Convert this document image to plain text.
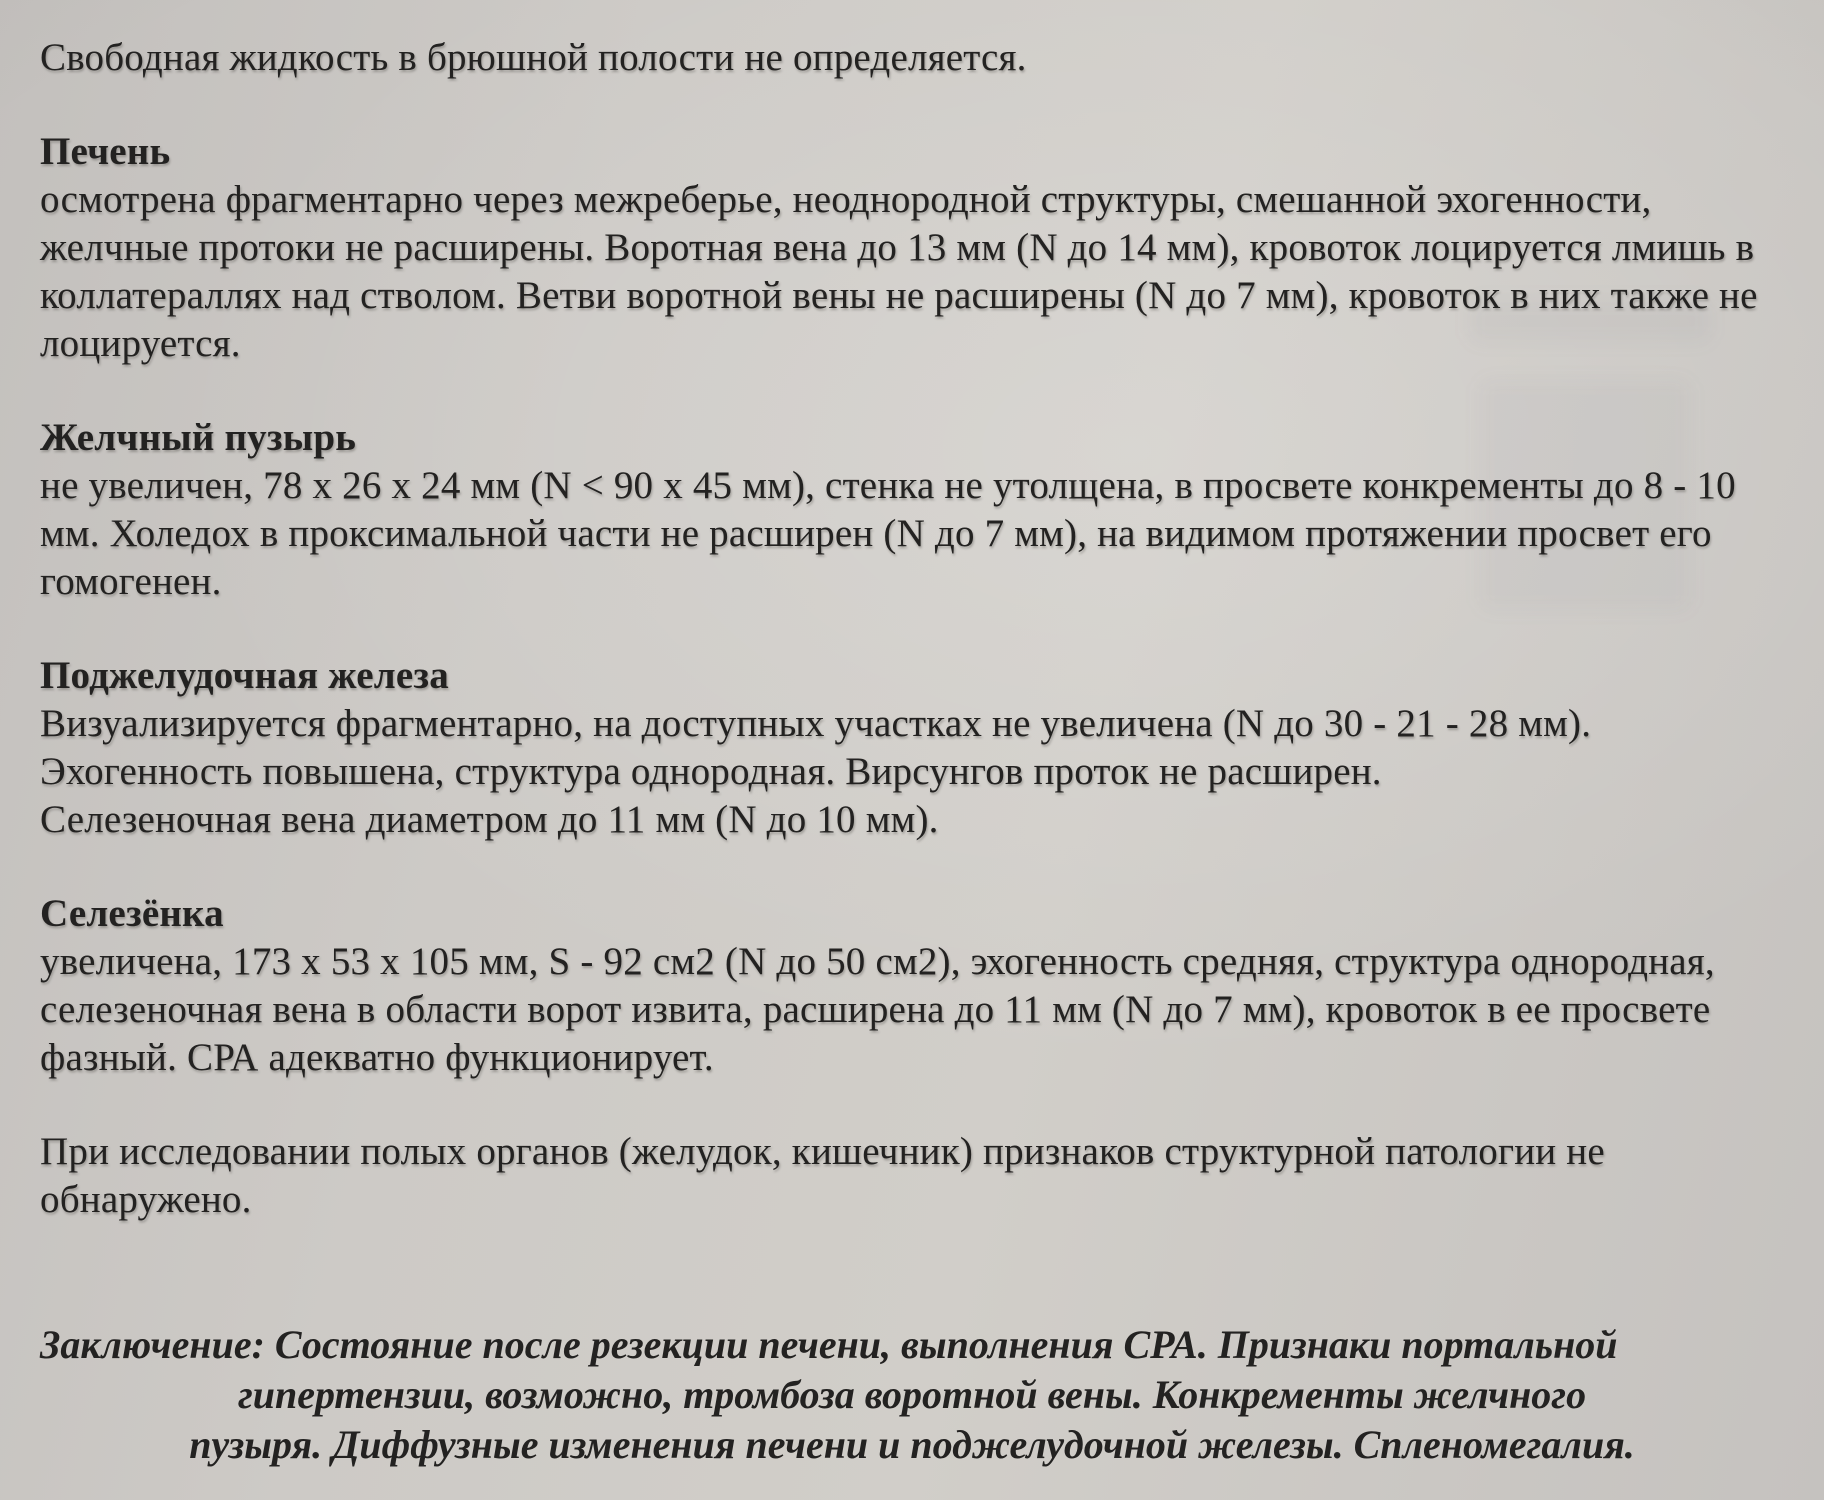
Свободная жидкость в брюшной полости не определяется.
Печень
осмотрена фрагментарно через межреберье, неоднородной структуры, смешанной эхогенности, желчные протоки не расширены. Воротная вена до 13 мм (N до 14 мм), кровоток лоцируется лмишь в коллатераллях над стволом. Ветви воротной вены не расширены (N до 7 мм), кровоток в них также не лоцируется.
Желчный пузырь
не увеличен, 78 х 26 х 24 мм (N < 90 х 45 мм), стенка не утолщена, в просвете конкременты до 8 - 10 мм. Холедох в проксимальной части не расширен (N до 7 мм), на видимом протяжении просвет его гомогенен.
Поджелудочная железа
Визуализируется фрагментарно, на доступных участках не увеличена (N до 30 - 21 - 28 мм).
Эхогенность повышена, структура однородная. Вирсунгов проток не расширен.
Селезеночная вена диаметром до 11 мм (N до 10 мм).
Селезёнка
увеличена, 173 х 53 х 105 мм, S - 92 см2 (N до 50 см2), эхогенность средняя, структура однородная, селезеночная вена в области ворот извита, расширена до 11 мм (N до 7 мм), кровоток в ее просвете фазный. СРА адекватно функционирует.
При исследовании полых органов (желудок, кишечник) признаков структурной патологии не обнаружено.
Заключение: Состояние после резекции печени, выполнения СРА. Признаки портальной
гипертензии, возможно, тромбоза воротной вены. Конкременты желчного
пузыря. Диффузные изменения печени и поджелудочной железы. Спленомегалия.
